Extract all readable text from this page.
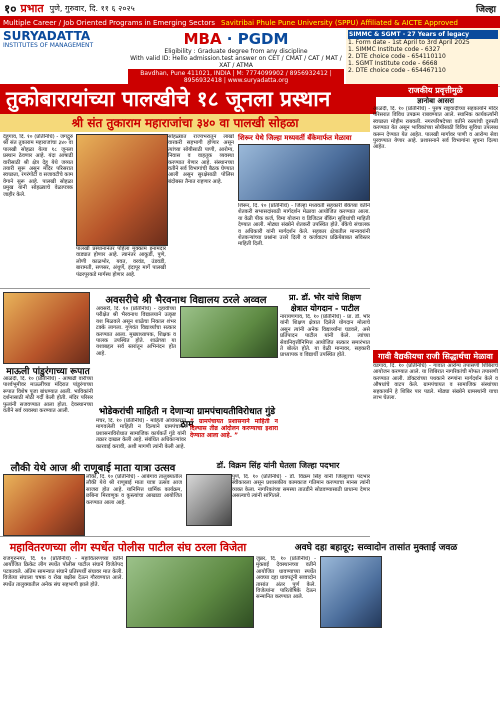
१० प्रभात पुणे, गुरुवार, दि. ११ ६ २०२५	जिल्हा
Multiple Career / Job Oriented Programs in Emerging Sectors Savitribai Phule Pune University (SPPU) Affiliated & AICTE Approved
SURYADATTA
INSTITUTES OF MANAGEMENT	MBA · PGDM
Eligibility : Graduate degree from any discipline
With valid ID: Hello admission.test answer on CET / CMAT / CAT / MAT / XAT / ATMA
Bavdhan, Pune 411021, INDIA | M: 7774099902 / 8956932412 | 8956932418 | www.suryadatta.org
SIMMC & SGMT - 27 Years of legacy
1. Form date - 1st April to 3rd April 2025
1. SIMMC Institute code - 6327
2. DTE choice code - 654110110
1. SGMT Institute code - 6668
2. DTE choice code - 654467110
तुकोबारायांच्या पालखीचे १८ जूनला प्रस्थान
श्री संत तुकाराम महाराजांचा ३४० वा पालखी सोहळा
देहूगाव, दि. १० (प्रतिनिधि) - जगद्गुरु श्री संत तुकाराम महाराजांचा ३४० वा पालखी सोहळा येत्या १८ जूनला प्रस्थान ठेवणार आहे. यंदा आषाढी वारीसाठी श्री क्षेत्र देहू येथे जय्यत तयारी सुरू असून मंदिर परिसरात स्वच्छता, रंगरंगोटी व सजावटीचे काम वेगाने सुरू आहे. पालखी सोहळा प्रमुख यांनी सोहळ्याचे वेळापत्रक जाहीर केले.
सोहळ्यात राज्यभरातून लाखो वारकरी सहभागी होणार असून त्यांच्या सोयीसाठी पाणी, आरोग्य, निवास व वाहतूक व्यवस्था करण्यात येणार आहे. संस्थानच्या वतीने सर्व विभागांची बैठक घेण्यात आली असून सुरक्षेसाठी पोलिस बंदोबस्त तैनात राहणार आहे.
पालखी प्रस्थानानंतर पहिला मुक्काम इनामदार वाड्यात होणार आहे. त्यानंतर आकुर्डी, पुणे, लोणी काळभोर, यवत, वरवंड, उंडवडी, बारामती, सणसर, अंथुर्णे, इंदापूर मार्गे पालखी पंढरपूरकडे मार्गस्थ होणार आहे.
शिरूर येथे जिल्हा मध्यवर्ती बँकेमार्फत मेळावा
शिरूर, दि. १० (प्रतिनिधि) - जिल्हा मध्यवर्ती सहकारी बँकेच्या वतीने शेतकरी सभासदांसाठी मार्गदर्शन मेळावा आयोजित करण्यात आला. या वेळी पीक कर्ज, विमा योजना व डिजिटल बँकिंग सुविधांची माहिती देण्यात आली. मोठ्या संख्येने शेतकरी उपस्थित होते. बँकेचे संचालक व अधिकारी यांनी मार्गदर्शन केले. सहकार क्षेत्रातील मान्यवरांनी शेतकऱ्यांच्या प्रश्नांना उत्तरे दिली व कर्जवाटप प्रक्रियेबाबत सविस्तर माहिती दिली.
माऊली पांडुरंगाच्या रूपात
आळंदी, दि. १० (प्रतिनिधि) - आषाढी वारीच्या पार्श्वभूमीवर माऊलींच्या मंदिरात पांडुरंगाच्या रूपात विशेष पूजा बांधण्यात आली. भाविकांनी दर्शनासाठी मोठी गर्दी केली होती. मंदिर परिसर फुलांनी सजवण्यात आला होता. देवस्थानच्या वतीने सर्व व्यवस्था करण्यात आली.
अवसरीचे श्री भैरवनाथ विद्यालय ठरले अव्वल
अवसरी, दि. १० (प्रतिनिधि) - दहावीच्या परीक्षेत श्री भैरवनाथ विद्यालयाने उत्कृष्ट यश मिळवले असून शाळेचा निकाल शंभर टक्के लागला. गुणवंत विद्यार्थ्यांचा सत्कार करण्यात आला. मुख्याध्यापक, शिक्षक व पालक उपस्थित होते. शाळेच्या या यशाबद्दल सर्व स्तरांतून अभिनंदन होत आहे.
प्रा. डॉ. भोर यांचे शिक्षण क्षेत्रात योगदान - पाटील
नारायणगाव, दि. १० (प्रतिनिधि) - प्रा. डॉ. भोर यांनी शिक्षण क्षेत्रात दिलेले योगदान मोलाचे असून त्यांनी अनेक विद्यार्थ्यांना घडवले, असे प्रतिपादन पाटील यांनी केले. त्यांच्या सेवानिवृत्तीनिमित्त आयोजित सत्कार समारंभात ते बोलत होते. या वेळी मान्यवर, सहकारी प्राध्यापक व विद्यार्थी उपस्थित होते.
भोडेकरांची माहिती न देणाऱ्या ग्रामपंचायतीविरोधात गुंडे ठाम
मंचर, दि. १० (प्रतिनिधि) - माहिती अधिकारात मागवलेली माहिती न दिल्याने ग्रामपंचायत प्रशासनाविरोधात सामाजिक कार्यकर्ते गुंडे यांनी तक्रार दाखल केली आहे. संबंधित अधिकाऱ्यांवर कारवाई करावी, अशी मागणी त्यांनी केली आहे.
“ ग्रामपंचायत प्रशासनाने माहिती न दिल्यास तीव्र आंदोलन करण्याचा इशारा देण्यात आला आहे. ”
लौकी येथे आज श्री राणूबाई माता यात्रा उत्सव
लौकी, दि. १० (प्रतिनिधि) - आंबेगाव तालुक्यातील लौकी येथे श्री राणूबाई माता यात्रा उत्सव आज साजरा होत आहे. यानिमित्त धार्मिक कार्यक्रम, छबिना मिरवणूक व कुस्त्यांचा आखाडा आयोजित करण्यात आला आहे.
डॉ. विक्रम सिंह यांनी घेतला जिल्हा पदभार
पुणे, दि. १० (प्रतिनिधि) - डॉ. विक्रम सिंह यांनी जिल्ह्याचा पदभार स्वीकारला असून प्रशासकीय कामकाज गतिमान करण्याचा मानस त्यांनी व्यक्त केला. नागरिकांच्या समस्या तातडीने सोडवण्यासाठी प्राधान्य देणार असल्याचे त्यांनी सांगितले.
महावितरणच्या लीग स्पर्धेत पोलीस पाटील संघ ठरला विजेता
राजगुरुनगर, दि. १० (प्रतिनिधि) - महावितरणच्या वतीने आयोजित क्रिकेट लीग स्पर्धेत पोलीस पाटील संघाने विजेतेपद पटकावले. अंतिम सामन्यात संघाने प्रतिस्पर्धी संघावर मात केली. विजेत्या संघाला चषक व रोख बक्षीस देऊन गौरवण्यात आले. स्पर्धेत तालुक्यातील अनेक संघ सहभागी झाले होते.
अवघे दहा बहादूर; सव्वादोन तासांत मुक्ताई जवळ
जुन्नर, दि. १० (प्रतिनिधि) - मुक्ताई देवस्थानच्या वतीने आयोजित धावण्याच्या स्पर्धेत अवघ्या दहा धावपटूंनी सव्वादोन तासांत अंतर पूर्ण केले. विजेत्यांना पारितोषिके देऊन सन्मानित करण्यात आले.
राजकीय प्रवृत्तीमुळे
ज्ञानोबा आसरा
आळंदी, दि. १० (प्रतिनिधि) - पुरुष राष्ट्रवादीच्या सहकार्याने मंदिर परिसरात विविध उपक्रम राबवण्यात आले. स्थानिक कार्यकर्त्यांनी स्वच्छता मोहीम राबवली. नगरपरिषदेच्या वतीने रस्त्यांची दुरुस्ती करण्यात येत असून भाविकांच्या सोयीसाठी विविध सुविधा उपलब्ध करून देण्यात येत आहेत. पालखी मार्गावर पाणी व आरोग्य सेवा पुरवण्यात येणार आहे. प्रशासनाने सर्व विभागांना सूचना दिल्या आहेत.
गावी वैद्यकीयचा राजी सिद्धार्थचा मेळावा
वडगाव, दि. १० (प्रतिनिधि) - गावात आरोग्य तपासणी शिबिराचे आयोजन करण्यात आले. या शिबिरात नागरिकांची मोफत तपासणी करण्यात आली. डॉक्टरांच्या पथकाने रुग्णांना मार्गदर्शन केले व औषधांचे वाटप केले. ग्रामपंचायत व सामाजिक संस्थांच्या सहकार्याने हे शिबिर पार पडले. मोठ्या संख्येने ग्रामस्थांनी याचा लाभ घेतला.
